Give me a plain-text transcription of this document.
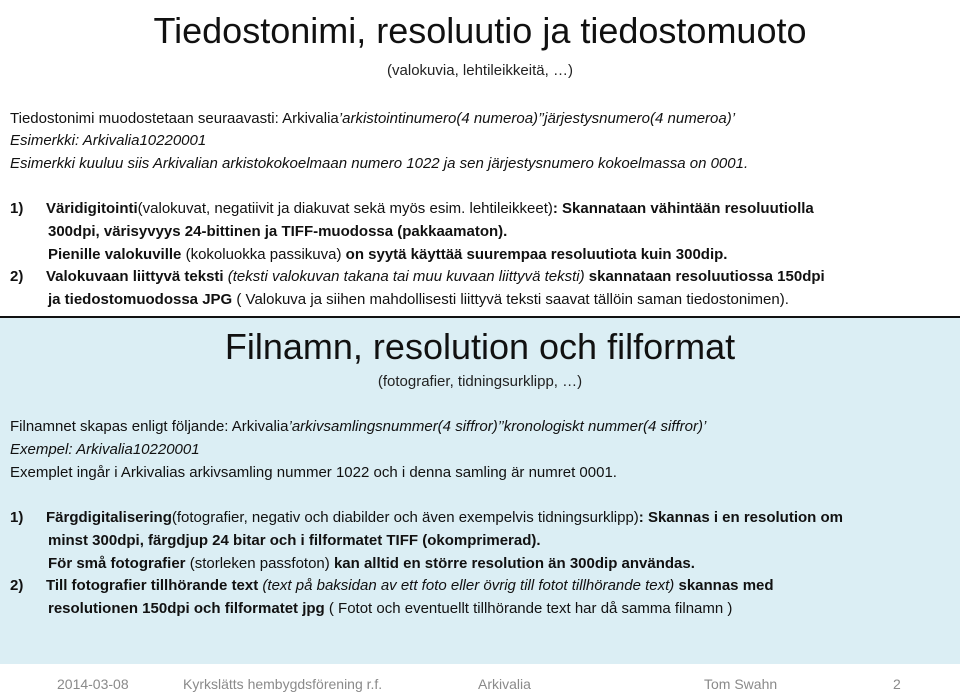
Tiedostonimi, resoluutio ja tiedostomuoto
(valokuvia, lehtileikkeitä, …)
Tiedostonimi muodostetaan seuraavasti: Arkivalia’arkistointinumero(4 numeroa)’’järjestysnumero(4 numeroa)’
Esimerkki: Arkivalia10220001
Esimerkki kuuluu siis Arkivalian arkistokokoelmaan numero 1022 ja sen järjestysnumero kokoelmassa on 0001.
1) Väridigitointi(valokuvat, negatiivit ja diakuvat sekä myös esim. lehtileikkeet): Skannataan vähintään resoluutiolla
300dpi, värisyvyys 24-bittinen ja TIFF-muodossa (pakkaamaton).
Pienille valokuville (kokoluokka passikuva) on syytä käyttää suurempaa resoluutiota kuin 300dip.
2) Valokuvaan liittyvä teksti (teksti valokuvan takana tai muu kuvaan liittyvä teksti) skannataan resoluutiossa 150dpi
ja tiedostomuodossa JPG ( Valokuva ja siihen mahdollisesti liittyvä teksti saavat tällöin saman tiedostonimen).
Filnamn, resolution och filformat
(fotografier, tidningsurklipp, …)
Filnamnet skapas enligt följande: Arkivalia’arkivsamlingsnummer(4 siffror)’’kronologiskt nummer(4 siffror)’
Exempel: Arkivalia10220001
Exemplet ingår i Arkivalias arkivsamling nummer 1022 och i denna samling är numret 0001.
1) Färgdigitalisering(fotografier, negativ och diabilder och även exempelvis tidningsurklipp): Skannas i en resolution om
minst 300dpi, färgdjup 24 bitar och i filformatet TIFF (okomprimerad).
För små fotografier (storleken passfoton) kan alltid en större resolution än 300dip användas.
2) Till fotografier tillhörande text (text på baksidan av ett foto eller övrig till fotot tillhörande text) skannas med
resolutionen 150dpi och filformatet jpg ( Fotot och eventuellt tillhörande text har då samma filnamn )
2014-03-08	Kyrkslätts hembygdsförening r.f.	Arkivalia	Tom Swahn	2
